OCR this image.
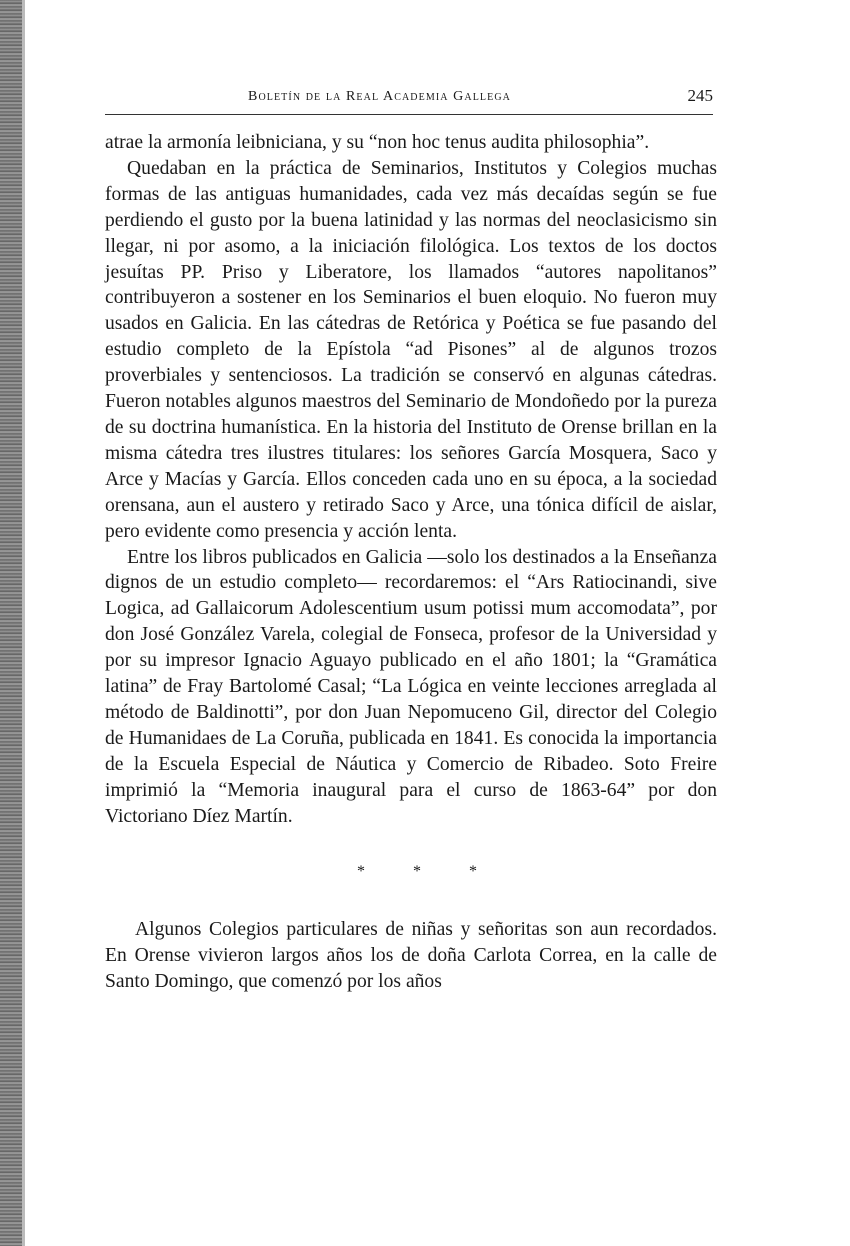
Boletín de la Real Academia Gallega	245

atrae la armonía leibniciana, y su “non hoc tenus audita philosophia”.

Quedaban en la práctica de Seminarios, Institutos y Colegios muchas formas de las antiguas humanidades, cada vez más decaídas según se fue perdiendo el gusto por la buena latinidad y las normas del neoclasicismo sin llegar, ni por asomo, a la iniciación filológica. Los textos de los doctos jesuítas PP. Priso y Liberatore, los llamados “autores napolitanos” contribuyeron a sostener en los Seminarios el buen eloquio. No fueron muy usados en Galicia. En las cátedras de Retórica y Poética se fue pasando del estudio completo de la Epístola “ad Pisones” al de algunos trozos proverbiales y sentenciosos. La tradición se conservó en algunas cátedras. Fueron notables algunos maestros del Seminario de Mondoñedo por la pureza de su doctrina humanística. En la historia del Instituto de Orense brillan en la misma cátedra tres ilustres titulares: los señores García Mosquera, Saco y Arce y Macías y García. Ellos conceden cada uno en su época, a la sociedad orensana, aun el austero y retirado Saco y Arce, una tónica difícil de aislar, pero evidente como presencia y acción lenta.

Entre los libros publicados en Galicia —solo los destinados a la Enseñanza dignos de un estudio completo— recordaremos: el “Ars Ratiocinandi, sive Logica, ad Gallaicorum Adolescentium usum potissi mum accomodata”, por don José González Varela, colegial de Fonseca, profesor de la Universidad y por su impresor Ignacio Aguayo publicado en el año 1801; la “Gramática latina” de Fray Bartolomé Casal; “La Lógica en veinte lecciones arreglada al método de Baldinotti”, por don Juan Nepomuceno Gil, director del Colegio de Humanidaes de La Coruña, publicada en 1841. Es conocida la importancia de la Escuela Especial de Náutica y Comercio de Ribadeo. Soto Freire imprimió la “Memoria inaugural para el curso de 1863-64” por don Victoriano Díez Martín.

* * *

Algunos Colegios particulares de niñas y señoritas son aun recordados. En Orense vivieron largos años los de doña Carlota Correa, en la calle de Santo Domingo, que comenzó por los años
